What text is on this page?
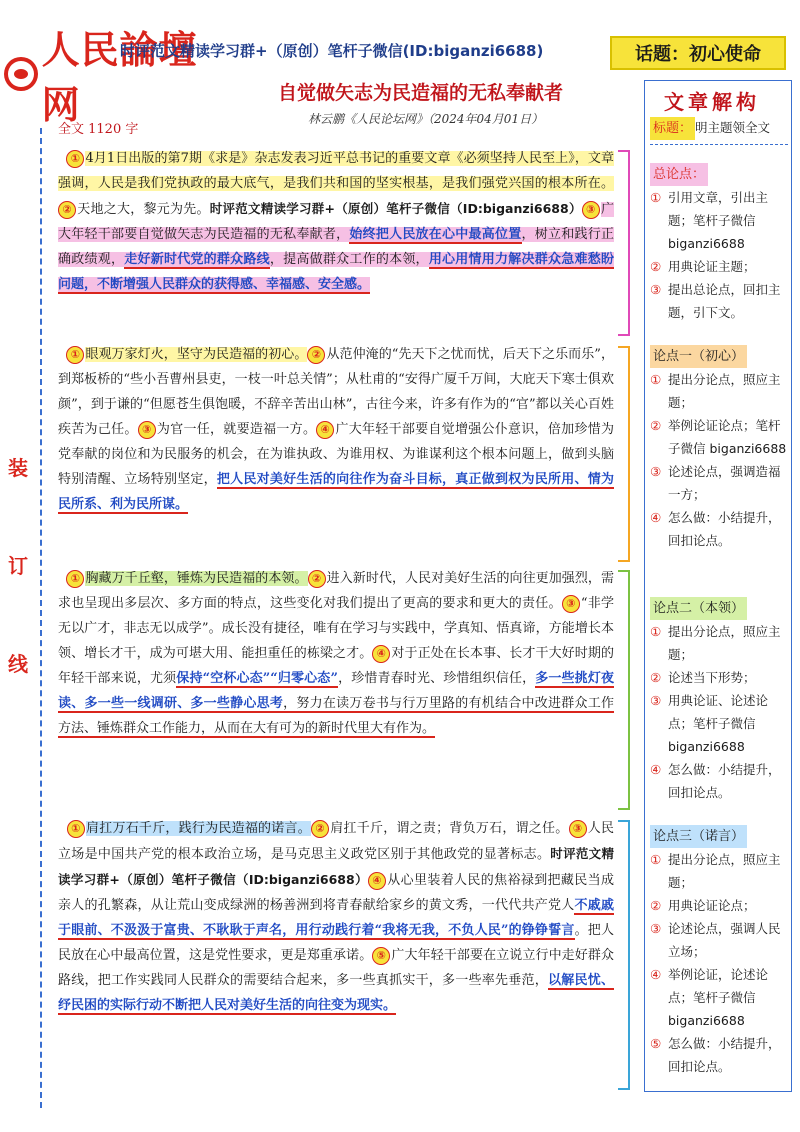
人民論壇网
时评范文精读学习群+（原创）笔杆子微信(ID:biganzi6688)	话题：初心使命
自觉做矢志为民造福的无私奉献者
林云鹏《人民论坛网》（2024年04月01日）
全文 1120 字
装
订
线
① 4月1日出版的第7期《求是》杂志发表习近平总书记的重要文章《必须坚持人民至上》，文章强调，人民是我们党执政的最大底气，是我们共和国的坚实根基，是我们强党兴国的根本所在。② 天地之大，黎元为先。时评范文精读学习群+（原创）笔杆子微信（ID:biganzi6688） ③ 广大年轻干部要自觉做矢志为民造福的无私奉献者，始终把人民放在心中最高位置，树立和践行正确政绩观，走好新时代党的群众路线，提高做群众工作的本领，用心用情用力解决群众急难愁盼问题，不断增强人民群众的获得感、幸福感、安全感。
① 眼观万家灯火，坚守为民造福的初心。 ② 从范仲淹的“先天下之忧而忧，后天下之乐而乐”，到郑板桥的“些小吾曹州县吏，一枝一叶总关情”；从杜甫的“安得广厦千万间，大庇天下寒士俱欢颜”，到于谦的“但愿苍生俱饱暖，不辞辛苦出山林”，古往今来，许多有作为的“官”都以关心百姓疾苦为己任。 ③ 为官一任，就要造福一方。 ④ 广大年轻干部要自觉增强公仆意识，倍加珍惜为党奉献的岗位和为民服务的机会，在为谁执政、为谁用权、为谁谋利这个根本问题上，做到头脑特别清醒、立场特别坚定，把人民对美好生活的向往作为奋斗目标，真正做到权为民所用、情为民所系、利为民所谋。
① 胸藏万千丘壑，锤炼为民造福的本领。 ② 进入新时代，人民对美好生活的向往更加强烈，需求也呈现出多层次、多方面的特点，这些变化对我们提出了更高的要求和更大的责任。 ③ “非学无以广才，非志无以成学”。成长没有捷径，唯有在学习与实践中，学真知、悟真谛，方能增长本领、增长才干，成为可堪大用、能担重任的栋梁之才。 ④ 对于正处在长本事、长才干大好时期的年轻干部来说，尤须保持“空杯心态”“归零心态”，珍惜青春时光、珍惜组织信任，多一些挑灯夜读、多一些一线调研、多一些静心思考，努力在读万卷书与行万里路的有机结合中改进群众工作方法、锤炼群众工作能力，从而在大有可为的新时代里大有作为。
① 肩扛万石千斤，践行为民造福的诺言。 ② 肩扛千斤，谓之责；背负万石，谓之任。 ③ 人民立场是中国共产党的根本政治立场，是马克思主义政党区别于其他政党的显著标志。时评范文精读学习群+（原创）笔杆子微信（ID:biganzi6688） ④ 从心里装着人民的焦裕禄到把藏民当成亲人的孔繁森，从让荒山变成绿洲的杨善洲到将青春献给家乡的黄文秀，一代代共产党人不戚戚于眼前、不汲汲于富贵、不耿耿于声名，用行动践行着“我将无我，不负人民”的铮铮誓言。把人民放在心中最高位置，这是党性要求，更是郑重承诺。 ⑤ 广大年轻干部要在立说立行中走好群众路线，把工作实践同人民群众的需要结合起来，多一些真抓实干，多一些率先垂范，以解民忧、纾民困的实际行动不断把人民对美好生活的向往变为现实。
文章解构
标题： 明主题领全文
总论点：
① 引用文章，引出主题；笔杆子微信 biganzi6688
② 用典论证主题；
③ 提出总论点，回扣主题，引下文。
论点一（初心）
① 提出分论点，照应主题；
② 举例论证论点；笔杆子微信 biganzi6688
③ 论述论点，强调造福一方；
④ 怎么做：小结提升，回扣论点。
论点二（本领）
① 提出分论点，照应主题；
② 论述当下形势；
③ 用典论证、论述论点；笔杆子微信 biganzi6688
④ 怎么做：小结提升，回扣论点。
论点三（诺言）
① 提出分论点，照应主题；
② 用典论证论点；
③ 论述论点，强调人民立场；
④ 举例论证，论述论点；笔杆子微信 biganzi6688
⑤ 怎么做：小结提升，回扣论点。
